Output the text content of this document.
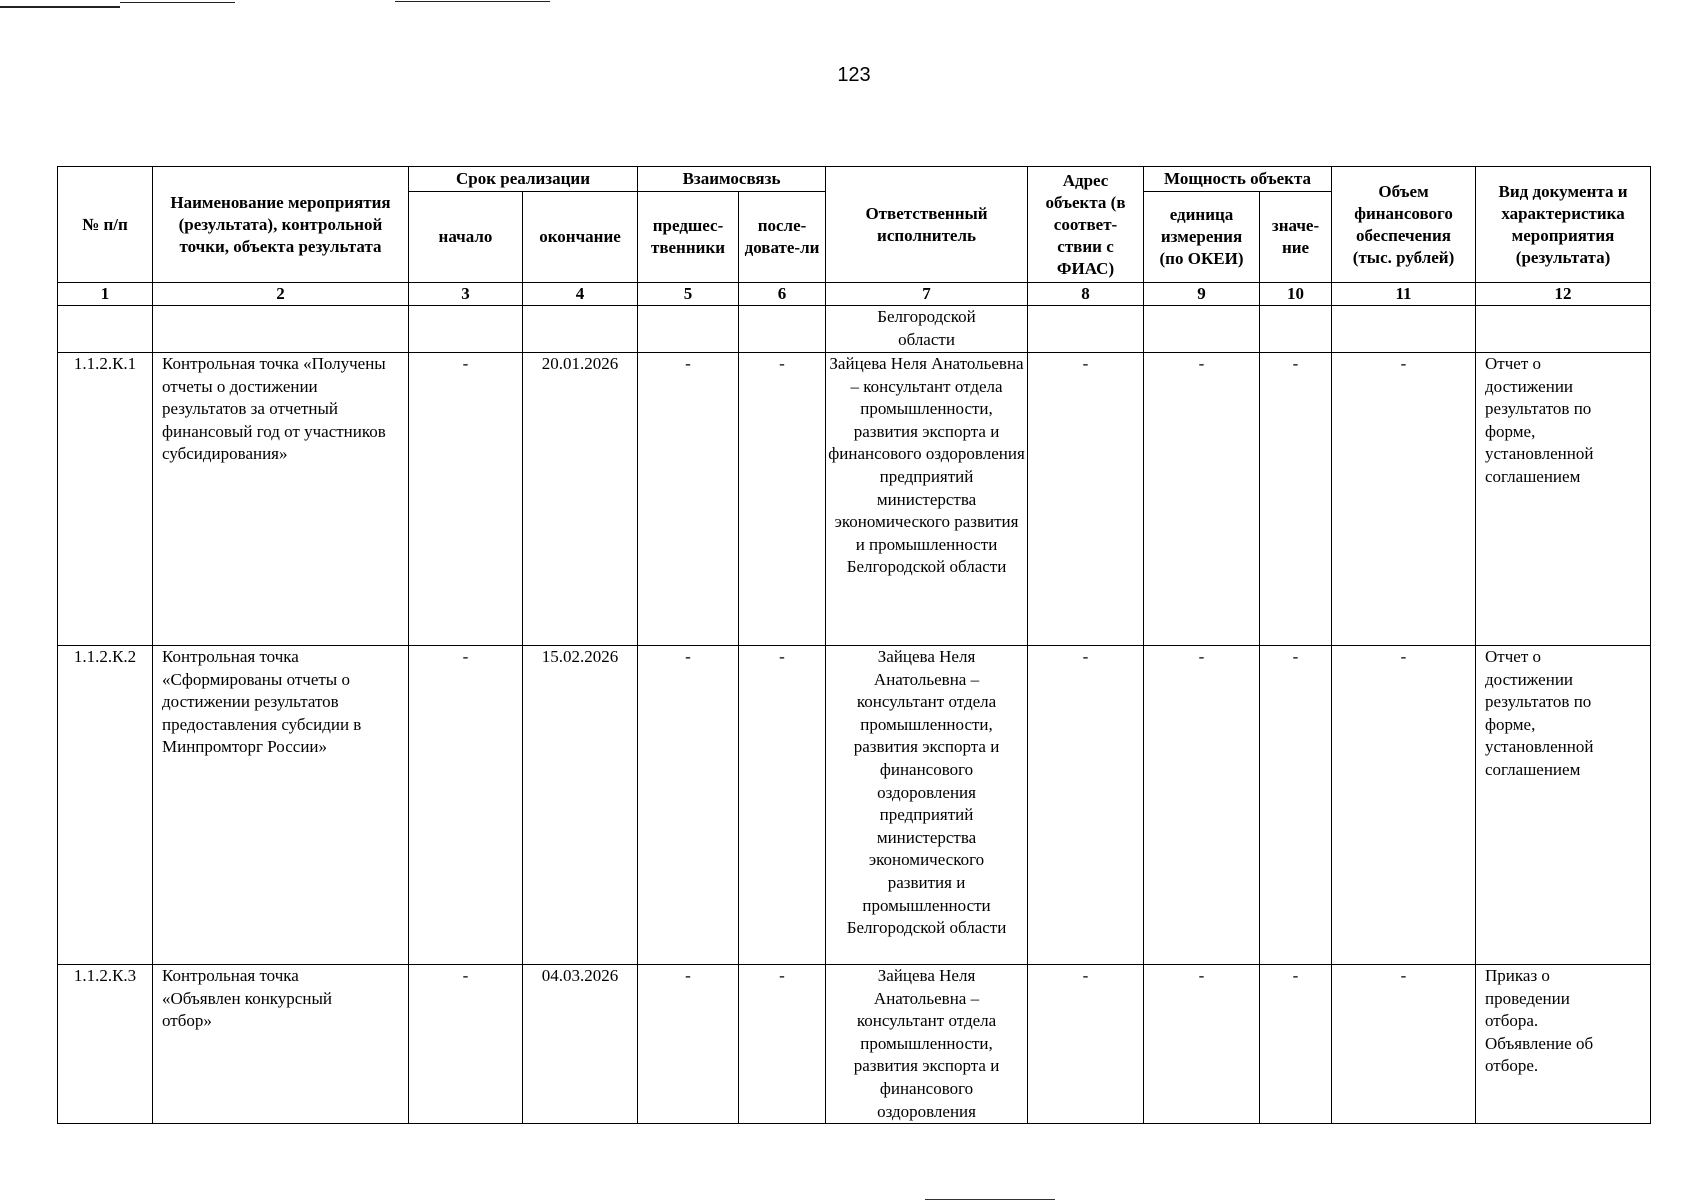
123
№ п/п	Наименование мероприятия (результата), контрольной точки, объекта результата	Срок реализации		Взаимосвязь		Ответственный исполнитель	Адрес объекта (в соответ-ствии с ФИАС)	Мощность объекта		Объем финансового обеспечения (тыс. рублей)	Вид документа и характеристика мероприятия (результата)
		начало	окончание	предшес-твенники	после-довате-ли			единица измерения (по ОКЕИ)	значе-ние		
1	2	3	4	5	6	7	8	9	10	11	12
						Белгородской области					
1.1.2.К.1	Контрольная точка «Получены отчеты о достижении результатов за отчетный финансовый год от участников субсидирования»	-	20.01.2026	-	-	Зайцева Неля Анатольевна – консультант отдела промышленности, развития экспорта и финансового оздоровления предприятий министерства экономического развития и промышленности Белгородской области	-	-	-	-	Отчет о достижении результатов по форме, установленной соглашением
1.1.2.К.2	Контрольная точка «Сформированы отчеты о достижении результатов предоставления субсидии в Минпромторг России»	-	15.02.2026	-	-	Зайцева Неля Анатольевна – консультант отдела промышленности, развития экспорта и финансового оздоровления предприятий министерства экономического развития и промышленности Белгородской области	-	-	-	-	Отчет о достижении результатов по форме, установленной соглашением
1.1.2.К.3	Контрольная точка «Объявлен конкурсный отбор»	-	04.03.2026	-	-	Зайцева Неля Анатольевна – консультант отдела промышленности, развития экспорта и финансового оздоровления	-	-	-	-	Приказ о проведении отбора. Объявление об отборе.
